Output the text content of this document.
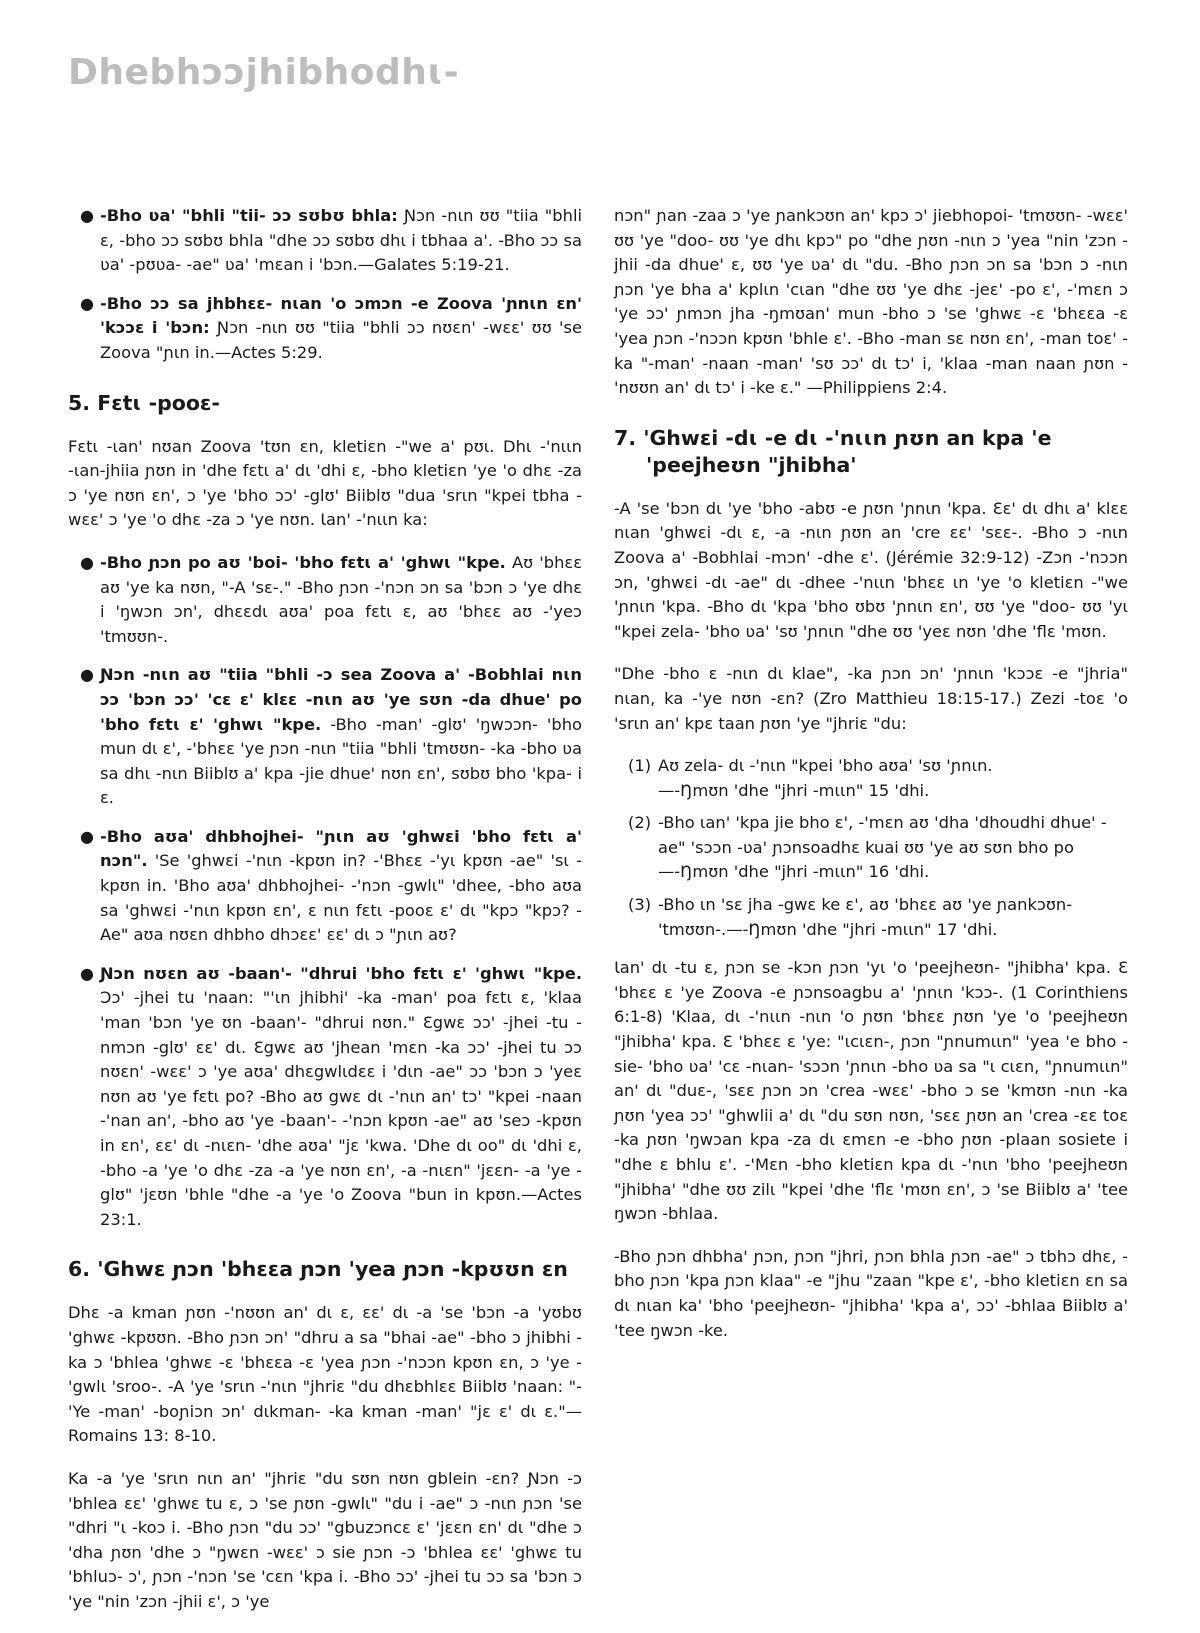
Dhebhɔɔjhibhodhɩ-
● -Bho ʋa' "bhli "tii- ɔɔ sʊbʊ bhla: Ɲɔn -nɩn ʊʊ "tiia "bhli ɛ, -bho ɔɔ sʊbʊ bhla "dhe ɔɔ sʊbʊ dhɩ i tbhaa a'. -Bho ɔɔ sa ʋa' -pʊʋa- -ae" ʋa' 'mɛan i 'bɔn.—Galates 5:19-21.
● -Bho ɔɔ sa jhbhɛɛ- nɩan 'o ɔmɔn -e Zoova 'ɲnɩn ɛn' 'kɔɔɛ i 'bɔn: Ɲɔn -nɩn ʊʊ "tiia "bhli ɔɔ nʊɛn' -wɛɛ' ʊʊ 'se Zoova "ɲɩn in.—Actes 5:29.
5. Fɛtɩ -pooɛ-

Fɛtɩ -ɩan' nʊan Zoova 'tʊn ɛn, kletiɛn -"we a' pʊɩ. Dhɩ -'nɩɩn -ɩan-jhiia ɲʊn in 'dhe fɛtɩ a' dɩ 'dhi ɛ, -bho kletiɛn 'ye 'o dhɛ -za ɔ 'ye nʊn ɛn', ɔ 'ye 'bho ɔɔ' -glʊ' Biiblʊ "dua 'srɩn "kpei tbha -wɛɛ' ɔ 'ye 'o dhɛ -za ɔ 'ye nʊn. Ɩan' -'nɩɩn ka:

● -Bho ɲɔn po aʊ 'boi- 'bho fɛtɩ a' 'ghwɩ "kpe. Aʊ 'bhɛɛ aʊ 'ye ka nʊn, "-A 'sɛ-." -Bho ɲɔn -'nɔn ɔn sa 'bɔn ɔ 'ye dhɛ i 'ŋwɔn ɔn', dhɛɛdɩ aʊa' poa fɛtɩ ɛ, aʊ 'bhɛɛ aʊ -'yeɔ 'tmʊʊn-.
● Ɲɔn -nɩn aʊ "tiia "bhli -ɔ sea Zoova a' -Bobhlai nɩn ɔɔ 'bɔn ɔɔ' 'cɛ ɛ' klɛɛ -nɩn aʊ 'ye sʊn -da dhue' po 'bho fɛtɩ ɛ' 'ghwɩ "kpe. -Bho -man' -glʊ' 'ŋwɔɔn- 'bho mun dɩ ɛ', -'bhɛɛ 'ye ɲɔn -nɩn "tiia "bhli 'tmʊʊn- -ka -bho ʋa sa dhɩ -nɩn Biiblʊ a' kpa -jie dhue' nʊn ɛn', sʊbʊ bho 'kpa- i ɛ.
● -Bho aʊa' dhbhojhei- "ɲɩn aʊ 'ghwɛi 'bho fɛtɩ a' nɔn". 'Se 'ghwɛi -'nɩn -kpʊn in? -'Bhɛɛ -'yɩ kpʊn -ae" 'sɩ -kpʊn in. 'Bho aʊa' dhbhojhei- -'nɔn -gwlɩ" 'dhee, -bho aʊa sa 'ghwɛi -'nɩn kpʊn ɛn', ɛ nɩn fɛtɩ -pooɛ ɛ' dɩ "kpɔ "kpɔ? -Ae" aʊa nʊɛn dhbho dhɔɛɛ' ɛɛ' dɩ ɔ "ɲɩn aʊ?
● Ɲɔn nʊɛn aʊ -baan'- "dhrui 'bho fɛtɩ ɛ' 'ghwɩ "kpe. Ɔɔ' -jhei tu 'naan: "'ɩn jhibhi' -ka -man' poa fɛtɩ ɛ, 'klaa 'man 'bɔn 'ye ʊn -baan'- "dhrui nʊn." Ɛgwɛ ɔɔ' -jhei -tu -nmɔn -glʊ' ɛɛ' dɩ. Ɛgwɛ aʊ 'jhean 'mɛn -ka ɔɔ' -jhei tu ɔɔ nʊɛn' -wɛɛ' ɔ 'ye aʊa' dhɛgwlɩdɛɛ i 'dɩn -ae" ɔɔ 'bɔn ɔ 'yeɛ nʊn aʊ 'ye fɛtɩ po? -Bho aʊ gwɛ dɩ -'nɩn an' tɔ' "kpei -naan -'nan an', -bho aʊ 'ye -baan'- -'nɔn kpʊn -ae" aʊ 'seɔ -kpʊn in ɛn', ɛɛ' dɩ -nɩɛn- 'dhe aʊa' "jɛ 'kwa. 'Dhe dɩ oo" dɩ 'dhi ɛ, -bho -a 'ye 'o dhɛ -za -a 'ye nʊn ɛn', -a -nɩɛn" 'jɛɛn- -a 'ye -glʊ" 'jɛʊn 'bhle "dhe -a 'ye 'o Zoova "bun in kpʊn.—Actes 23:1.
6. 'Ghwɛ ɲɔn 'bhɛɛa ɲɔn 'yea ɲɔn -kpʊʊn ɛn

Dhɛ -a kman ɲʊn -'nʊʊn an' dɩ ɛ, ɛɛ' dɩ -a 'se 'bɔn -a 'yʊbʊ 'ghwɛ -kpʊʊn. -Bho ɲɔn ɔn' "dhru a sa "bhai -ae" -bho ɔ jhibhi -ka ɔ 'bhlea 'ghwɛ -ɛ 'bhɛɛa -ɛ 'yea ɲɔn -'nɔɔn kpʊn ɛn, ɔ 'ye -'gwlɩ 'sroo-. -A 'ye 'srɩn -'nɩn "jhriɛ "du dhɛbhlɛɛ Biiblʊ 'naan: "-'Ye -man' -boɲiɔn ɔn' dɩkman- -ka kman -man' "jɛ ɛ' dɩ ɛ."—Romains 13: 8-10.

Ka -a 'ye 'srɩn nɩn an' "jhriɛ "du sʊn nʊn gblein -ɛn? Ɲɔn -ɔ 'bhlea ɛɛ' 'ghwɛ tu ɛ, ɔ 'se ɲʊn -gwlɩ" "du i -ae" ɔ -nɩn ɲɔn 'se "dhri "ɩ -koɔ i. -Bho ɲɔn "du ɔɔ' "gbuzɔncɛ ɛ' 'jɛɛn ɛn' dɩ "dhe ɔ 'dha ɲʊn 'dhe ɔ "ŋwɛn -wɛɛ' ɔ sie ɲɔn -ɔ 'bhlea ɛɛ' 'ghwɛ tu 'bhluɔ- ɔ', ɲɔn -'nɔn 'se 'cɛn 'kpa i. -Bho ɔɔ' -jhei tu ɔɔ sa 'bɔn ɔ 'ye "nin 'zɔn -jhii ɛ', ɔ 'ye

nɔn" ɲan -zaa ɔ 'ye ɲankɔʊn an' kpɔ ɔ' jiebhopoi- 'tmʊʊn- -wɛɛ' ʊʊ 'ye "doo- ʊʊ 'ye dhɩ kpɔ" po "dhe ɲʊn -nɩn ɔ 'yea "nin 'zɔn -jhii -da dhue' ɛ, ʊʊ 'ye ʋa' dɩ "du. -Bho ɲɔn ɔn sa 'bɔn ɔ -nɩn ɲɔn 'ye bha a' kplɩn 'cɩan "dhe ʊʊ 'ye dhɛ -jeɛ' -po ɛ', -'mɛn ɔ 'ye ɔɔ' ɲmɔn jha -ŋmʊan' mun -bho ɔ 'se 'ghwɛ -ɛ 'bhɛɛa -ɛ 'yea ɲɔn -'nɔɔn kpʊn 'bhle ɛ'. -Bho -man sɛ nʊn ɛn', -man toɛ' -ka "-man' -naan -man' 'sʊ ɔɔ' dɩ tɔ' i, 'klaa -man naan ɲʊn -'nʊʊn an' dɩ tɔ' i -ke ɛ." —Philippiens 2:4.

7. 'Ghwɛi -dɩ -e dɩ -'nɩɩn ɲʊn an kpa 'e 'peejheʊn "jhibha'

-A 'se 'bɔn dɩ 'ye 'bho -abʊ -e ɲʊn 'ɲnɩn 'kpa. Ɛɛ' dɩ dhɩ a' klɛɛ nɩan 'ghwɛi -dɩ ɛ, -a -nɩn ɲʊn an 'cre ɛɛ' 'sɛɛ-. -Bho ɔ -nɩn Zoova a' -Bobhlai -mɔn' -dhe ɛ'. (Jérémie 32:9-12) -Zɔn -'nɔɔn ɔn, 'ghwɛi -dɩ -ae" dɩ -dhee -'nɩɩn 'bhɛɛ ɩn 'ye 'o kletiɛn -"we 'ɲnɩn 'kpa. -Bho dɩ 'kpa 'bho ʊbʊ 'ɲnɩn ɛn', ʊʊ 'ye "doo- ʊʊ 'yɩ "kpei zela- 'bho ʋa' 'sʊ 'ɲnɩn "dhe ʊʊ 'yeɛ nʊn 'dhe 'flɛ 'mʊn.

"Dhe -bho ɛ -nɩn dɩ klae", -ka ɲɔn ɔn' 'ɲnɩn 'kɔɔɛ -e "jhria" nɩan, ka -'ye nʊn -ɛn? (Zro Matthieu 18:15-17.) Zezi -toɛ 'o 'srɩn an' kpɛ taan ɲʊn 'ye "jhriɛ "du:

(1) Aʊ zela- dɩ -'nɩn "kpei 'bho aʊa' 'sʊ 'ɲnɩn.
—-Ŋmʊn 'dhe "jhri -mɩɩn" 15 'dhi.
(2) -Bho ɩan' 'kpa jie bho ɛ', -'mɛn aʊ 'dha 'dhoudhi dhue' -ae" 'sɔɔn -ʋa' ɲɔnsoadhɛ kuai ʊʊ 'ye aʊ sʊn bho po
—-Ŋmʊn 'dhe "jhri -mɩɩn" 16 'dhi.
(3) -Bho ɩn 'sɛ jha -gwɛ ke ɛ', aʊ 'bhɛɛ aʊ 'ye ɲankɔʊn- 'tmʊʊn-.—-Ŋmʊn 'dhe "jhri -mɩɩn" 17 'dhi.

Ɩan' dɩ -tu ɛ, ɲɔn se -kɔn ɲɔn 'yɩ 'o 'peejheʊn- "jhibha' kpa. Ɛ 'bhɛɛ ɛ 'ye Zoova -e ɲɔnsoagbu a' 'ɲnɩn 'kɔɔ-. (1 Corinthiens 6:1-8) 'Klaa, dɩ -'nɩɩn -nɩn 'o ɲʊn 'bhɛɛ ɲʊn 'ye 'o 'peejheʊn "jhibha' kpa. Ɛ 'bhɛɛ ɛ 'ye: "ɩcɩɛn-, ɲɔn "ɲnumɩɩn" 'yea 'e bho -sie- 'bho ʋa' 'cɛ -nɩan- 'sɔɔn 'ɲnɩn -bho ʋa sa "ɩ cɩɛn, "ɲnumɩɩn" an' dɩ "duɛ-, 'sɛɛ ɲɔn ɔn 'crea -wɛɛ' -bho ɔ se 'kmʊn -nɩn -ka ɲʊn 'yea ɔɔ' "ghwlii a' dɩ "du sʊn nʊn, 'sɛɛ ɲʊn an 'crea -ɛɛ toɛ -ka ɲʊn 'ŋwɔan kpa -za dɩ ɛmɛn -e -bho ɲʊn -plaan sosiete i "dhe ɛ bhlu ɛ'. -'Mɛn -bho kletiɛn kpa dɩ -'nɩn 'bho 'peejheʊn "jhibha' "dhe ʊʊ zilɩ "kpei 'dhe 'flɛ 'mʊn ɛn', ɔ 'se Biiblʊ a' 'tee ŋwɔn -bhlaa.

-Bho ɲɔn dhbha' ɲɔn, ɲɔn "jhri, ɲɔn bhla ɲɔn -ae" ɔ tbhɔ dhɛ, -bho ɲɔn 'kpa ɲɔn klaa" -e "jhu "zaan "kpe ɛ', -bho kletiɛn ɛn sa dɩ nɩan ka' 'bho 'peejheʊn- "jhibha' 'kpa a', ɔɔ' -bhlaa Biiblʊ a' 'tee ŋwɔn -ke.
